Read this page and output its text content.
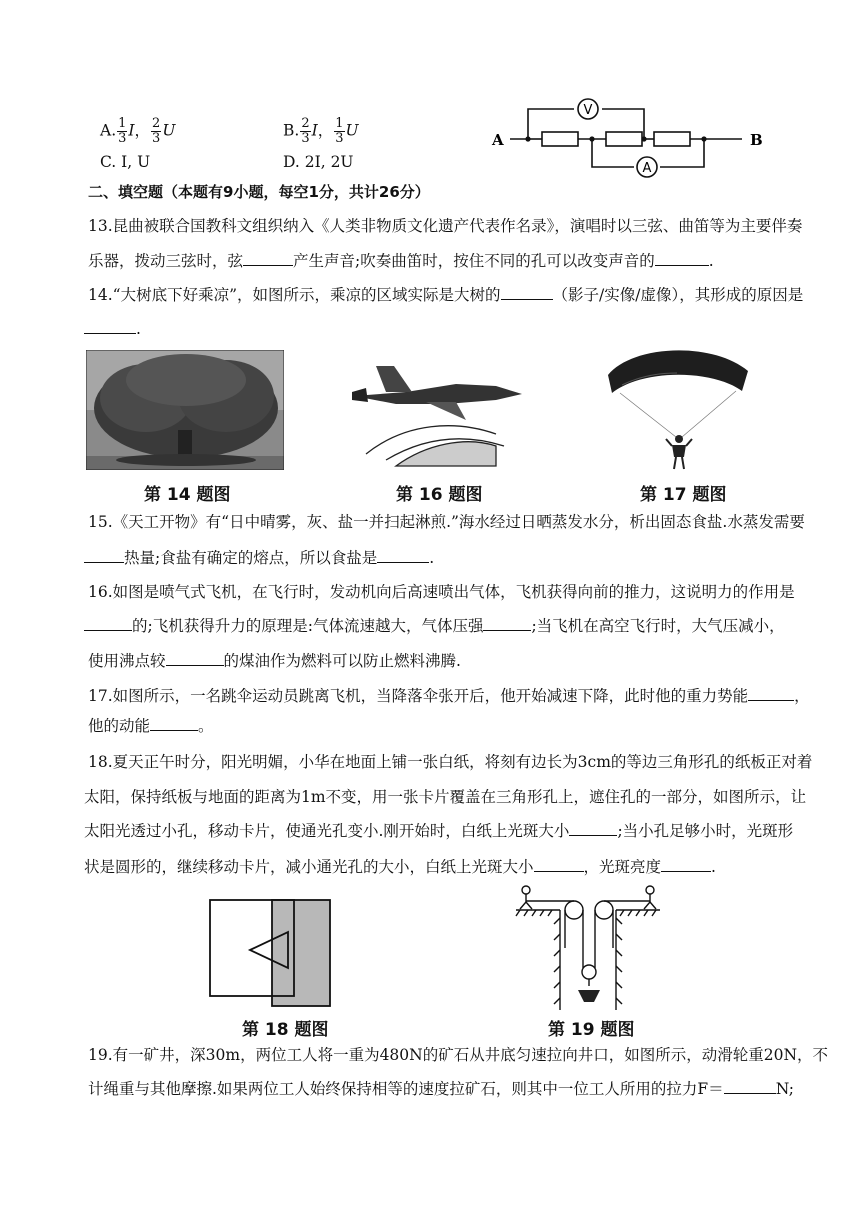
A. $\frac{1}{3}$ I， $\frac{2}{3}$ U	B. $\frac{2}{3}$ I， $\frac{1}{3}$ U
C. I, U	D. 2I, 2U
V
A
A	B
二、填空题（本题有9小题，每空1分，共计26分）
13.昆曲被联合国教科文组织纳入《人类非物质文化遗产代表作名录》，演唱时以三弦、曲笛等为主要伴奏
乐器，拨动三弦时，弦	产生声音;吹奏曲笛时，按住不同的孔可以改变声音的	.
14.“大树底下好乘凉”，如图所示，乘凉的区域实际是大树的	（影子/实像/虚像），其形成的原因是
.
第 14 题图	第 16 题图	第 17 题图
15.《天工开物》有“日中晴雾，灰、盐一并扫起淋煎.”海水经过日晒蒸发水分，析出固态食盐.水蒸发需要
热量;食盐有确定的熔点，所以食盐是	.
16.如图是喷气式飞机，在飞行时，发动机向后高速喷出气体，飞机获得向前的推力，这说明力的作用是
的;飞机获得升力的原理是:气体流速越大，气体压强	;当飞机在高空飞行时，大气压减小，
使用沸点较	的煤油作为燃料可以防止燃料沸腾.
17.如图所示，一名跳伞运动员跳离飞机，当降落伞张开后，他开始减速下降，此时他的重力势能	，
他的动能	。
18.夏天正午时分，阳光明媚，小华在地面上铺一张白纸，将刻有边长为3cm的等边三角形孔的纸板正对着
太阳，保持纸板与地面的距离为1m不变，用一张卡片覆盖在三角形孔上，遮住孔的一部分，如图所示，让
太阳光透过小孔，移动卡片，使通光孔变小.刚开始时，白纸上光斑大小	;当小孔足够小时，光斑形
状是圆形的，继续移动卡片，减小通光孔的大小，白纸上光斑大小	，光斑亮度	.
第 18 题图	第 19 题图
19.有一矿井，深30m，两位工人将一重为480N的矿石从井底匀速拉向井口，如图所示，动滑轮重20N，不
计绳重与其他摩擦.如果两位工人始终保持相等的速度拉矿石，则其中一位工人所用的拉力F＝	N;
